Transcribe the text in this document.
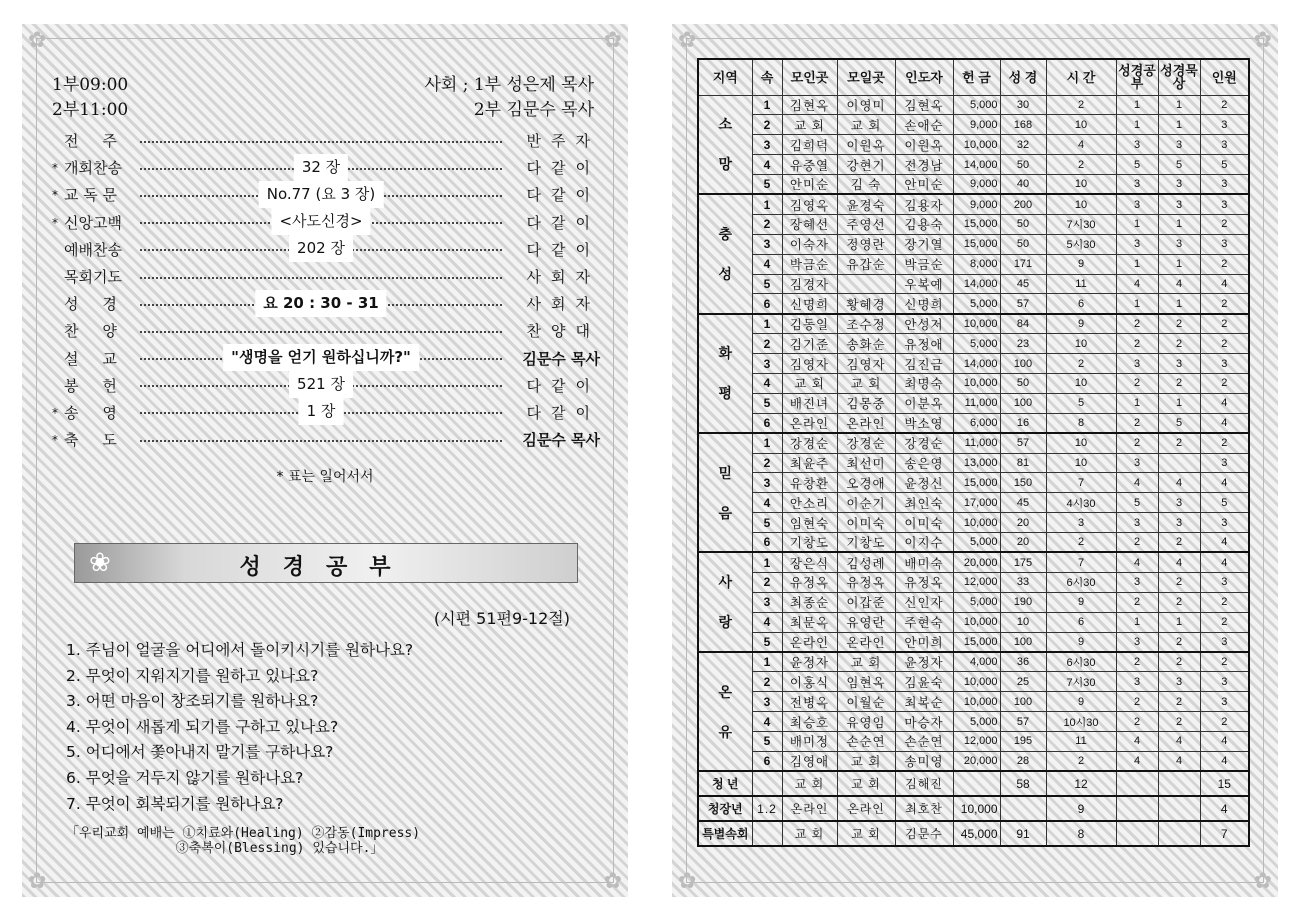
✿	✿
✿	✿
1부09:00
2부11:00
사회 ; 1부 성은제 목사
2부 김문수 목사
전     주	반주자
* 개회찬송	32 장	다같이
* 교 독 문	No.77 (요 3 장)	다같이
* 신앙고백	<사도신경>	다같이
예배찬송	202 장	다같이
목회기도	사회자
성     경	요 20 : 30 - 31	사회자
찬     양	찬양대
설     교	"생명을 얻기 원하십니까?"	김문수 목사
봉     헌	521 장	다같이
* 송     영	1 장	다같이
* 축     도	김문수 목사
* 표는 일어서서
❀	성경공부
(시편 51편9-12절)
1. 주님이 얼굴을 어디에서 돌이키시기를 원하나요?
2. 무엇이 지워지기를 원하고 있나요?
3. 어떤 마음이 창조되기를 원하나요?
4. 무엇이 새롭게 되기를 구하고 있나요?
5. 어디에서 쫓아내지 말기를 구하나요?
6. 무엇을 거두지 않기를 원하나요?
7. 무엇이 회복되기를 원하나요?
「우리교회 예배는 ①치료와(Healing) ②감동(Impress)
③축복이(Blessing) 있습니다.」
✿	✿
✿	✿
지역	속	모인곳	모일곳	인도자	헌 금	성 경	시 간	성경공부	성경묵상	인원

소
망	1	김현옥	이영미	김현옥	5,000	30	2	1	1	2
	2	교 회	교 회	손애순	9,000	168	10	1	1	3
	3	김희덕	이원옥	이원옥	10,000	32	4	3	3	3
	4	유중열	강현기	전경남	14,000	50	2	5	5	5
	5	안미순	김 숙	안미순	9,000	40	10	3	3	3

충
성	1	김영옥	윤경숙	김용자	9,000	200	10	3	3	3
	2	장혜선	주영선	김용숙	15,000	50	7시30	1	1	2
	3	이숙자	정영란	장기열	15,000	50	5시30	3	3	3
	4	박금순	유갑순	박금순	8,000	171	9	1	1	2
	5	김경자		우복예	14,000	45	11	4	4	4
	6	신명희	황혜경	신명희	5,000	57	6	1	1	2

화
평	1	김동일	조수정	안성저	10,000	84	9	2	2	2
	2	김기준	송화순	유정애	5,000	23	10	2	2	2
	3	김영자	김영자	김진금	14,000	100	2	3	3	3
	4	교 회	교 회	최명숙	10,000	50	10	2	2	2
	5	배진녀	김몽중	이분옥	11,000	100	5	1	1	4
	6	온라인	온라인	박소영	6,000	16	8	2	5	4

믿
음	1	강경순	강경순	강경순	11,000	57	10	2	2	2
	2	최윤주	최선미	송은영	13,000	81	10	3		3
	3	유창환	오경애	윤정신	15,000	150	7	4	4	4
	4	안소리	이순기	최인숙	17,000	45	4시30	5	3	5
	5	임현숙	이미숙	이미숙	10,000	20	3	3	3	3
	6	기창도	기창도	이지수	5,000	20	2	2	2	4

사
랑	1	장은식	김성례	배미숙	20,000	175	7	4	4	4
	2	유정옥	유정옥	유정옥	12,000	33	6시30	3	2	3
	3	최종순	이갑준	신인자	5,000	190	9	2	2	2
	4	최문옥	유영란	주현숙	10,000	10	6	1	1	2
	5	온라인	온라인	안미희	15,000	100	9	3	2	3

온
유	1	윤정자	교 회	윤정자	4,000	36	6시30	2	2	2
	2	이홍식	임현옥	김윤숙	10,000	25	7시30	3	3	3
	3	전병옥	이월순	최복순	10,000	100	9	2	2	3
	4	최승호	유영임	마승자	5,000	57	10시30	2	2	2
	5	배미정	손순연	손순연	12,000	195	11	4	4	4
	6	김영애	교 회	송미영	20,000	28	2	4	4	4
청 년		교 회	교 회	김해진		58	12			15
청장년	1.2	온라인	온라인	최호찬	10,000		9			4
특별속회		교 회	교 회	김문수	45,000	91	8			7
